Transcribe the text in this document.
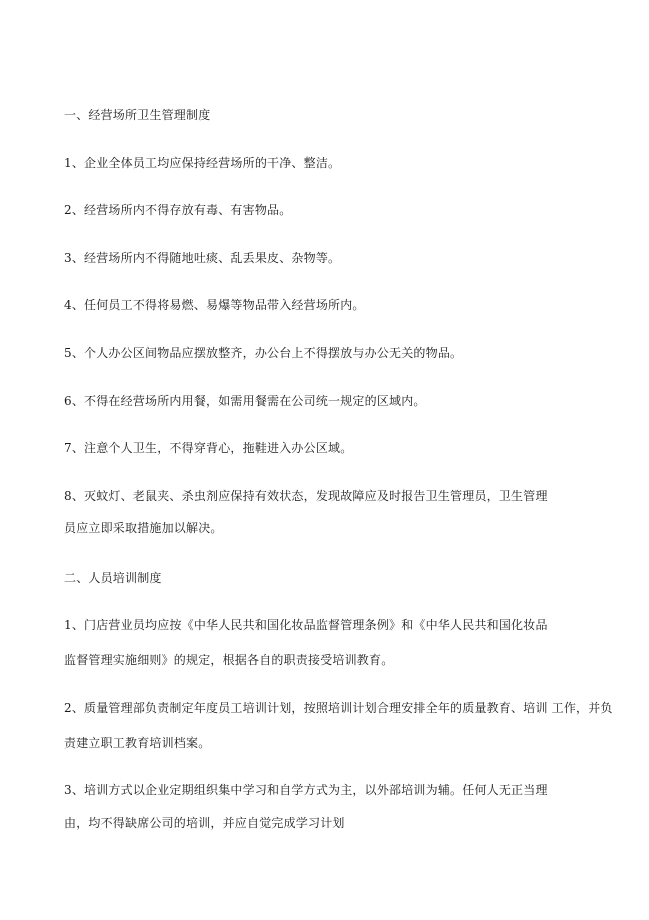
一、经营场所卫生管理制度
1、企业全体员工均应保持经营场所的干净、整洁。
2、经营场所内不得存放有毒、有害物品。
3、经营场所内不得随地吐痰、乱丢果皮、杂物等。
4、任何员工不得将易燃、易爆等物品带入经营场所内。
5、个人办公区间物品应摆放整齐，办公台上不得摆放与办公无关的物品。
6、不得在经营场所内用餐，如需用餐需在公司统一规定的区域内。
7、注意个人卫生，不得穿背心，拖鞋进入办公区域。
8、灭蚊灯、老鼠夹、杀虫剂应保持有效状态，发现故障应及时报告卫生管理员，卫生管理
员应立即采取措施加以解决。
二、人员培训制度
1、门店营业员均应按《中华人民共和国化妆品监督管理条例》和《中华人民共和国化妆品
监督管理实施细则》的规定，根据各自的职责接受培训教育。
2、质量管理部负责制定年度员工培训计划，按照培训计划合理安排全年的质量教育、培训 工作，并负
责建立职工教育培训档案。
3、培训方式以企业定期组织集中学习和自学方式为主，以外部培训为辅。任何人无正当理
由，均不得缺席公司的培训，并应自觉完成学习计划
